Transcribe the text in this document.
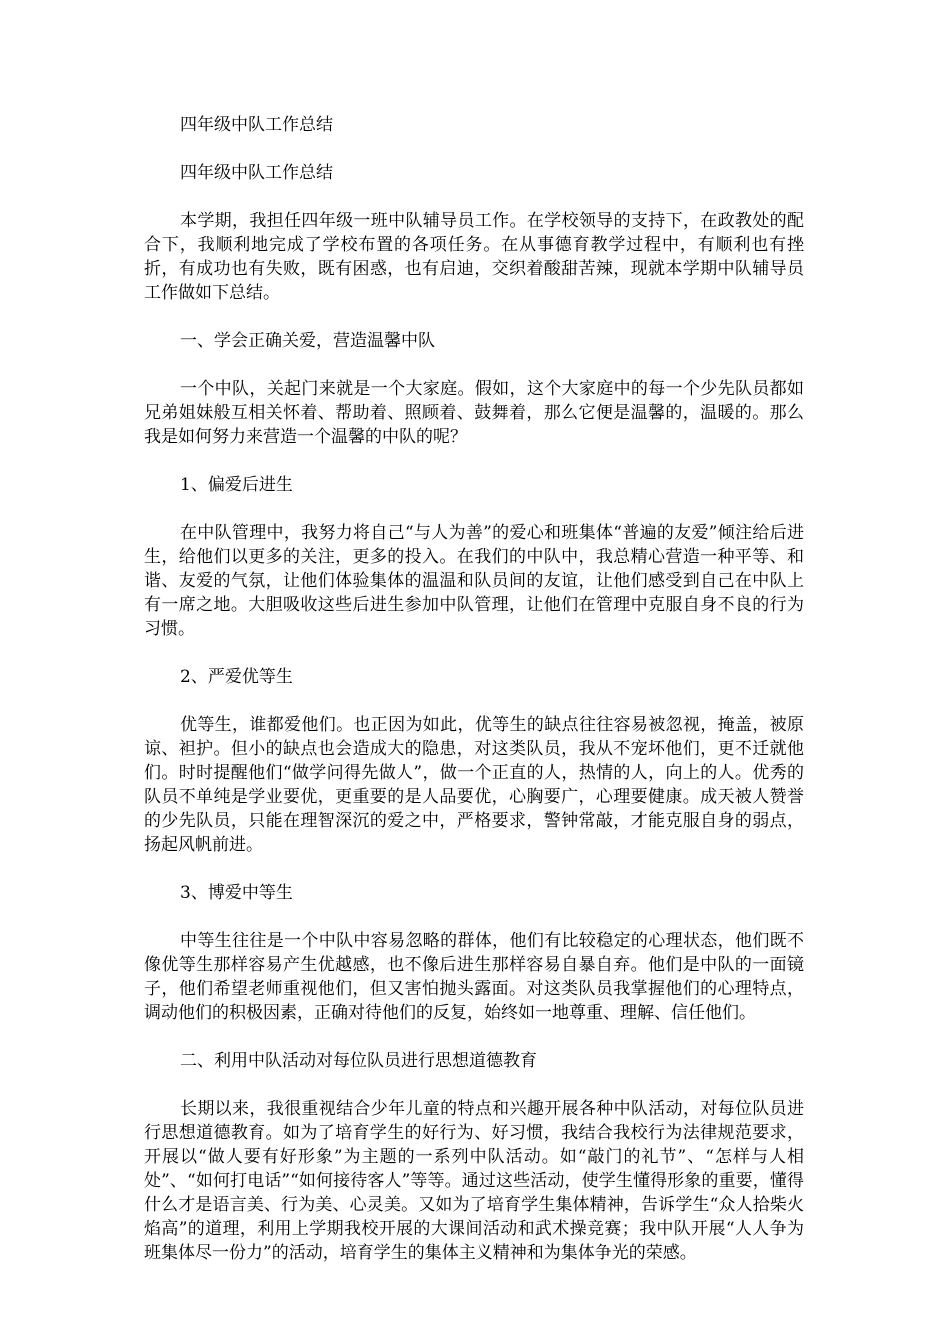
四年级中队工作总结

四年级中队工作总结

本学期，我担任四年级一班中队辅导员工作。在学校领导的支持下，在政教处的配合下，我顺利地完成了学校布置的各项任务。在从事德育教学过程中，有顺利也有挫折，有成功也有失败，既有困惑，也有启迪，交织着酸甜苦辣，现就本学期中队辅导员工作做如下总结。

一、学会正确关爱，营造温馨中队

一个中队，关起门来就是一个大家庭。假如，这个大家庭中的每一个少先队员都如兄弟姐妹般互相关怀着、帮助着、照顾着、鼓舞着，那么它便是温馨的，温暖的。那么我是如何努力来营造一个温馨的中队的呢？

1、偏爱后进生

在中队管理中，我努力将自己“与人为善”的爱心和班集体“普遍的友爱”倾注给后进生，给他们以更多的关注，更多的投入。在我们的中队中，我总精心营造一种平等、和谐、友爱的气氛，让他们体验集体的温温和队员间的友谊，让他们感受到自己在中队上有一席之地。大胆吸收这些后进生参加中队管理，让他们在管理中克服自身不良的行为习惯。

2、严爱优等生

优等生，谁都爱他们。也正因为如此，优等生的缺点往往容易被忽视，掩盖，被原谅、袒护。但小的缺点也会造成大的隐患，对这类队员，我从不宠坏他们，更不迁就他们。时时提醒他们“做学问得先做人”，做一个正直的人，热情的人，向上的人。优秀的队员不单纯是学业要优，更重要的是人品要优，心胸要广，心理要健康。成天被人赞誉的少先队员，只能在理智深沉的爱之中，严格要求，警钟常敲，才能克服自身的弱点，扬起风帆前进。

3、博爱中等生

中等生往往是一个中队中容易忽略的群体，他们有比较稳定的心理状态，他们既不像优等生那样容易产生优越感，也不像后进生那样容易自暴自弃。他们是中队的一面镜子，他们希望老师重视他们，但又害怕抛头露面。对这类队员我掌握他们的心理特点，调动他们的积极因素，正确对待他们的反复，始终如一地尊重、理解、信任他们。

二、利用中队活动对每位队员进行思想道德教育

长期以来，我很重视结合少年儿童的特点和兴趣开展各种中队活动，对每位队员进行思想道德教育。如为了培育学生的好行为、好习惯，我结合我校行为法律规范要求，开展以“做人要有好形象”为主题的一系列中队活动。如“敲门的礼节”、“怎样与人相处”、“如何打电话”“如何接待客人”等等。通过这些活动，使学生懂得形象的重要，懂得什么才是语言美、行为美、心灵美。又如为了培育学生集体精神，告诉学生“众人拾柴火焰高”的道理，利用上学期我校开展的大课间活动和武术操竞赛；我中队开展“人人争为班集体尽一份力”的活动，培育学生的集体主义精神和为集体争光的荣感。
